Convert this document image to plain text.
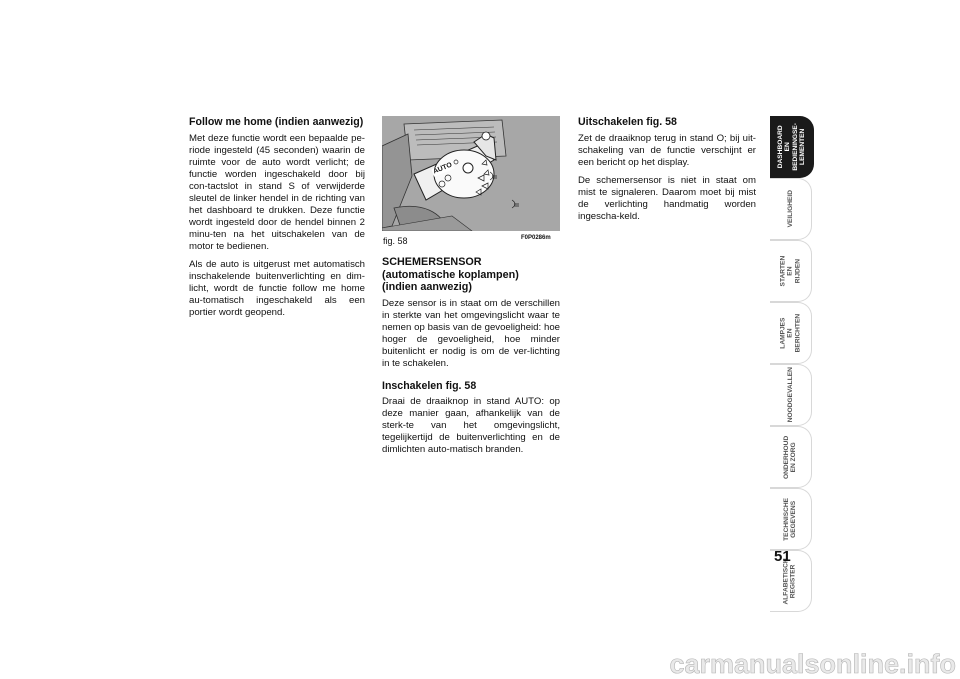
Follow me home (indien aanwezig)

Met deze functie wordt een bepaalde pe-riode ingesteld (45 seconden) waarin de ruimte voor de auto wordt verlicht; de functie worden ingeschakeld door bij con-tactslot in stand S of verwijderde sleutel de linker hendel in de richting van het dashboard te drukken. Deze functie wordt ingesteld door de hendel binnen 2 minu-ten na het uitschakelen van de motor te bedienen.

Als de auto is uitgerust met automatisch inschakelende buitenverlichting en dim-licht, wordt de functie follow me home au-tomatisch ingeschakeld als een portier wordt geopend.

AUTO
fig. 58	F0P0286m
SCHEMERSENSOR
(automatische koplampen)
(indien aanwezig)

Deze sensor is in staat om de verschillen in sterkte van het omgevingslicht waar te nemen op basis van de gevoeligheid: hoe hoger de gevoeligheid, hoe minder buitenlicht er nodig is om de ver-lichting in te schakelen.

Inschakelen fig. 58

Draai de draaiknop in stand AUTO: op deze manier gaan, afhankelijk van de sterk-te van het omgevingslicht, tegelijkertijd de buitenverlichting en de dimlichten auto-matisch branden.

Uitschakelen fig. 58

Zet de draaiknop terug in stand O; bij uit-schakeling van de functie verschijnt er een bericht op het display.

De schemersensor is niet in staat om mist te signaleren. Daarom moet bij mist de verlichting handmatig worden ingescha-keld.

DASHBOARD EN
BEDIENINGSE-
LEMENTEN
VEILIGHEID
STARTEN EN
RIJDEN
LAMPJES EN
BERICHTEN
NOODGEVALLEN
ONDERHOUD
EN ZORG
TECHNISCHE
GEGEVENS
ALFABETISCH
REGISTER
51
carmanualsonline.info
